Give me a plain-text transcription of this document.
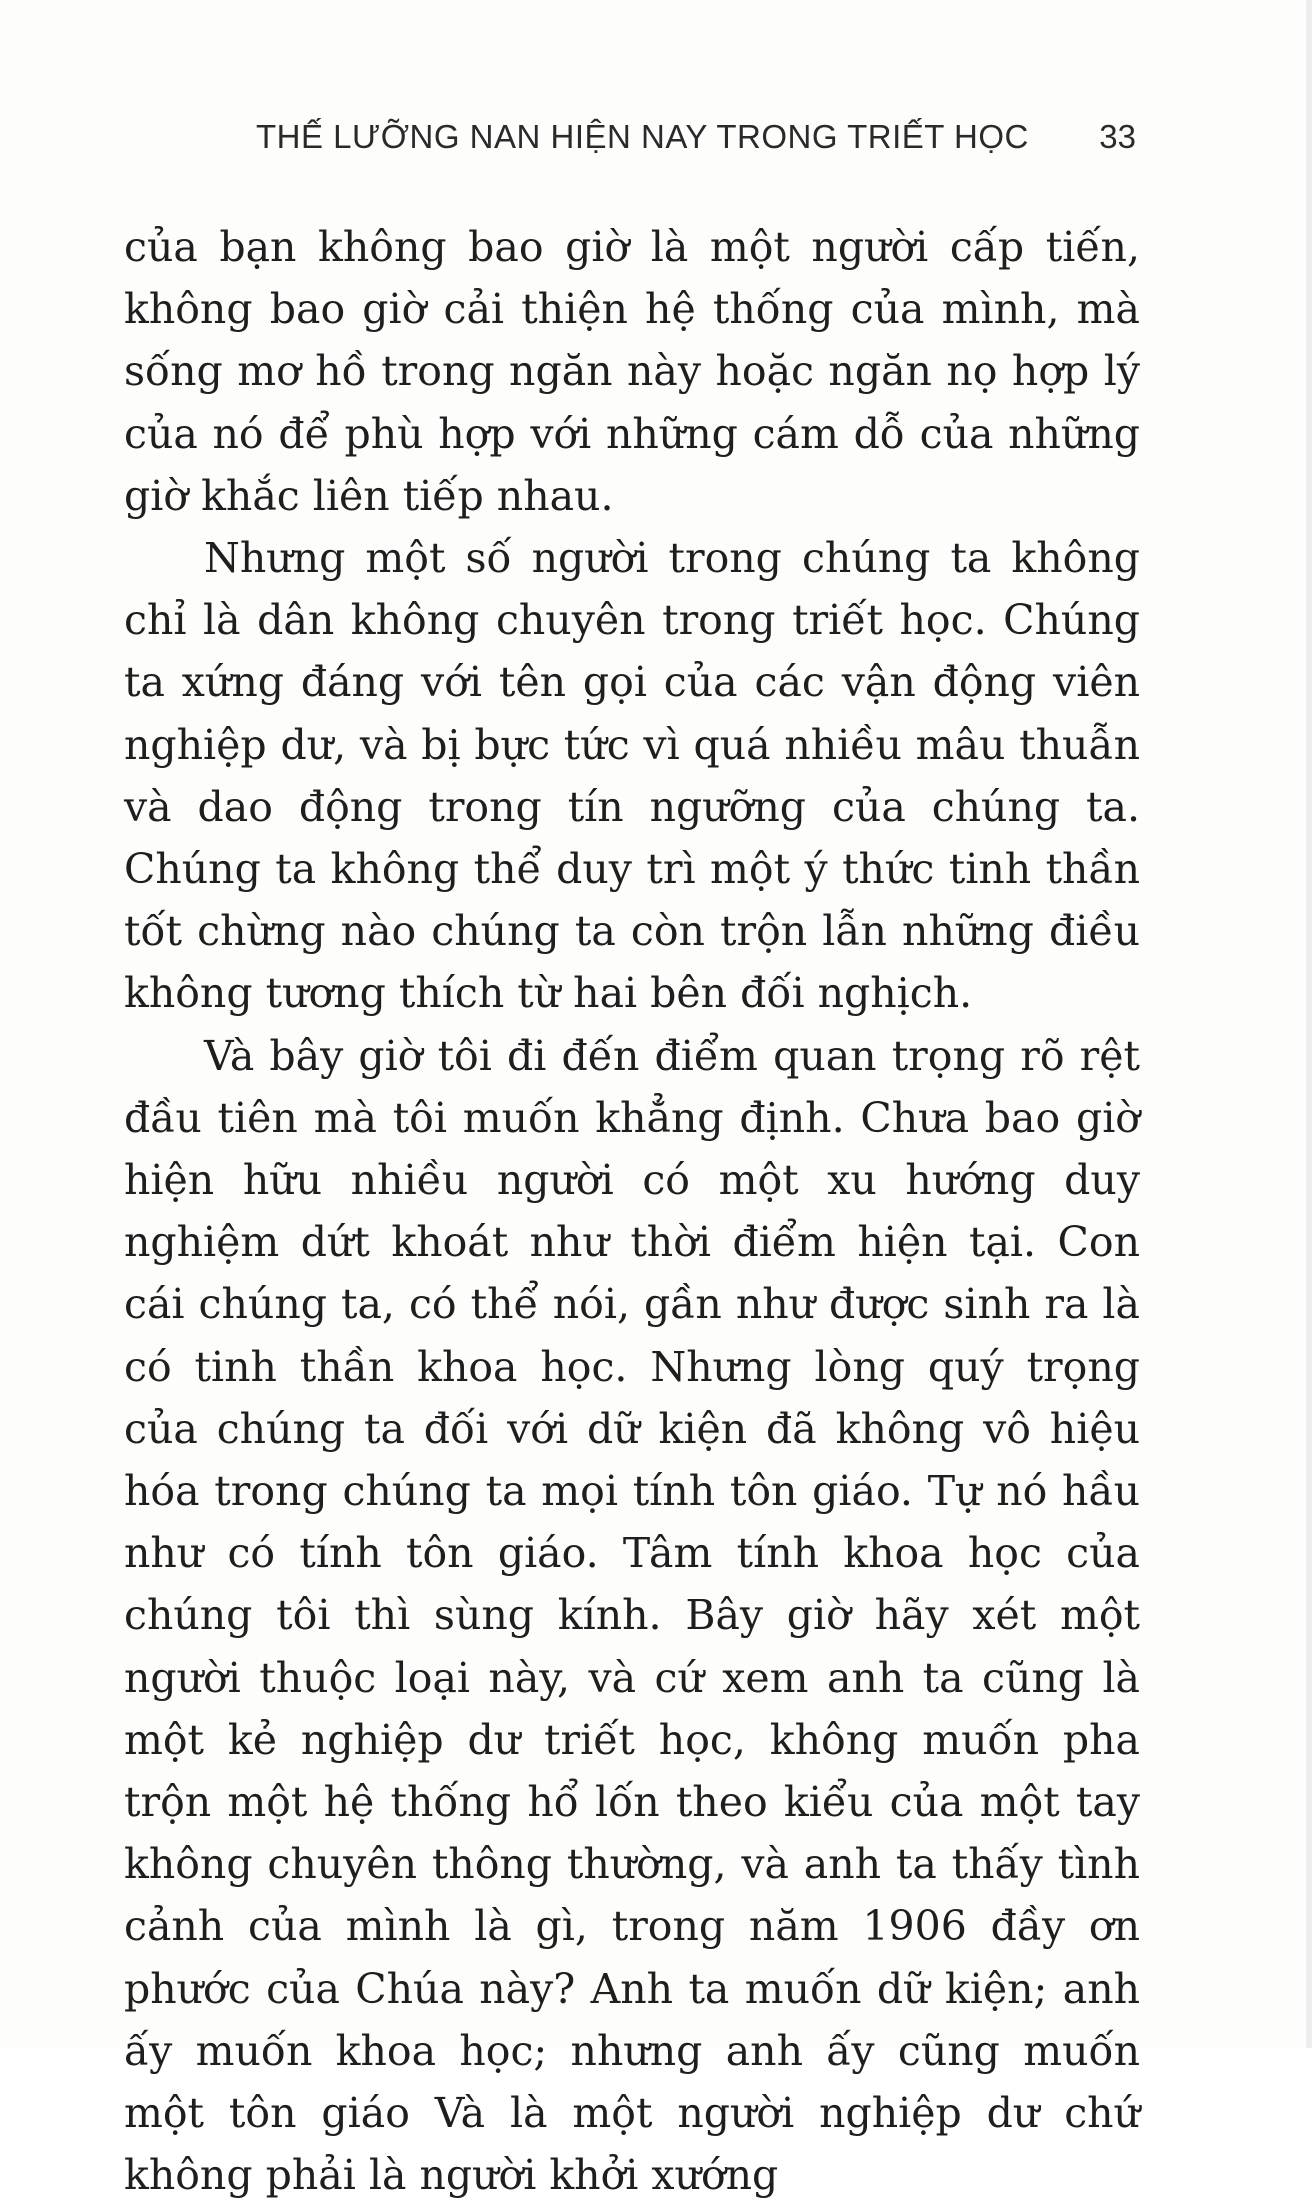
THẾ LƯỠNG NAN HIỆN NAY TRONG TRIẾT HỌC 33

của bạn không bao giờ là một người cấp tiến, không bao giờ cải thiện hệ thống của mình, mà sống mơ hồ trong ngăn này hoặc ngăn nọ hợp lý của nó để phù hợp với những cám dỗ của những giờ khắc liên tiếp nhau.

Nhưng một số người trong chúng ta không chỉ là dân không chuyên trong triết học. Chúng ta xứng đáng với tên gọi của các vận động viên nghiệp dư, và bị bực tức vì quá nhiều mâu thuẫn và dao động trong tín ngưỡng của chúng ta. Chúng ta không thể duy trì một ý thức tinh thần tốt chừng nào chúng ta còn trộn lẫn những điều không tương thích từ hai bên đối nghịch.

Và bây giờ tôi đi đến điểm quan trọng rõ rệt đầu tiên mà tôi muốn khẳng định. Chưa bao giờ hiện hữu nhiều người có một xu hướng duy nghiệm dứt khoát như thời điểm hiện tại. Con cái chúng ta, có thể nói, gần như được sinh ra là có tinh thần khoa học. Nhưng lòng quý trọng của chúng ta đối với dữ kiện đã không vô hiệu hóa trong chúng ta mọi tính tôn giáo. Tự nó hầu như có tính tôn giáo. Tâm tính khoa học của chúng tôi thì sùng kính. Bây giờ hãy xét một người thuộc loại này, và cứ xem anh ta cũng là một kẻ nghiệp dư triết học, không muốn pha trộn một hệ thống hổ lốn theo kiểu của một tay không chuyên thông thường, và anh ta thấy tình cảnh của mình là gì, trong năm 1906 đầy ơn phước của Chúa này? Anh ta muốn dữ kiện; anh ấy muốn khoa học; nhưng anh ấy cũng muốn một tôn giáo Và là một người nghiệp dư chứ không phải là người khởi xướng
